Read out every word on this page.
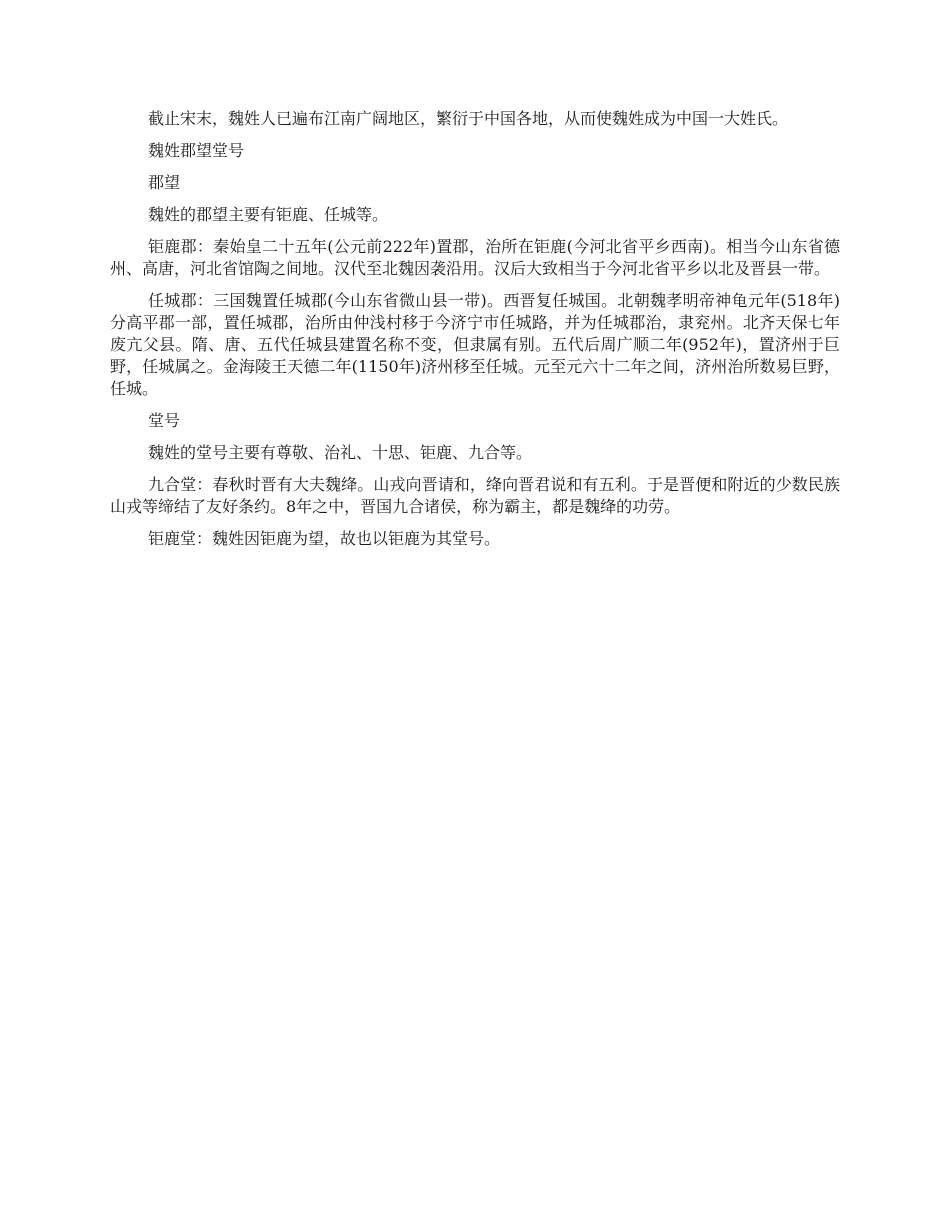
截止宋末，魏姓人已遍布江南广阔地区，繁衍于中国各地，从而使魏姓成为中国一大姓氏。

魏姓郡望堂号

郡望

魏姓的郡望主要有钜鹿、任城等。

钜鹿郡：秦始皇二十五年(公元前222年)置郡，治所在钜鹿(今河北省平乡西南)。相当今山东省德州、高唐，河北省馆陶之间地。汉代至北魏因袭沿用。汉后大致相当于今河北省平乡以北及晋县一带。

任城郡：三国魏置任城郡(今山东省微山县一带)。西晋复任城国。北朝魏孝明帝神龟元年(518年)分高平郡一部，置任城郡，治所由仲浅村移于今济宁市任城路，并为任城郡治，隶兖州。北齐天保七年废亢父县。隋、唐、五代任城县建置名称不变，但隶属有别。五代后周广顺二年(952年)，置济州于巨野，任城属之。金海陵王天德二年(1150年)济州移至任城。元至元六十二年之间，济州治所数易巨野，任城。

堂号

魏姓的堂号主要有尊敬、治礼、十思、钜鹿、九合等。

九合堂：春秋时晋有大夫魏绛。山戎向晋请和，绛向晋君说和有五利。于是晋便和附近的少数民族山戎等缔结了友好条约。8年之中，晋国九合诸侯，称为霸主，都是魏绛的功劳。

钜鹿堂：魏姓因钜鹿为望，故也以钜鹿为其堂号。
